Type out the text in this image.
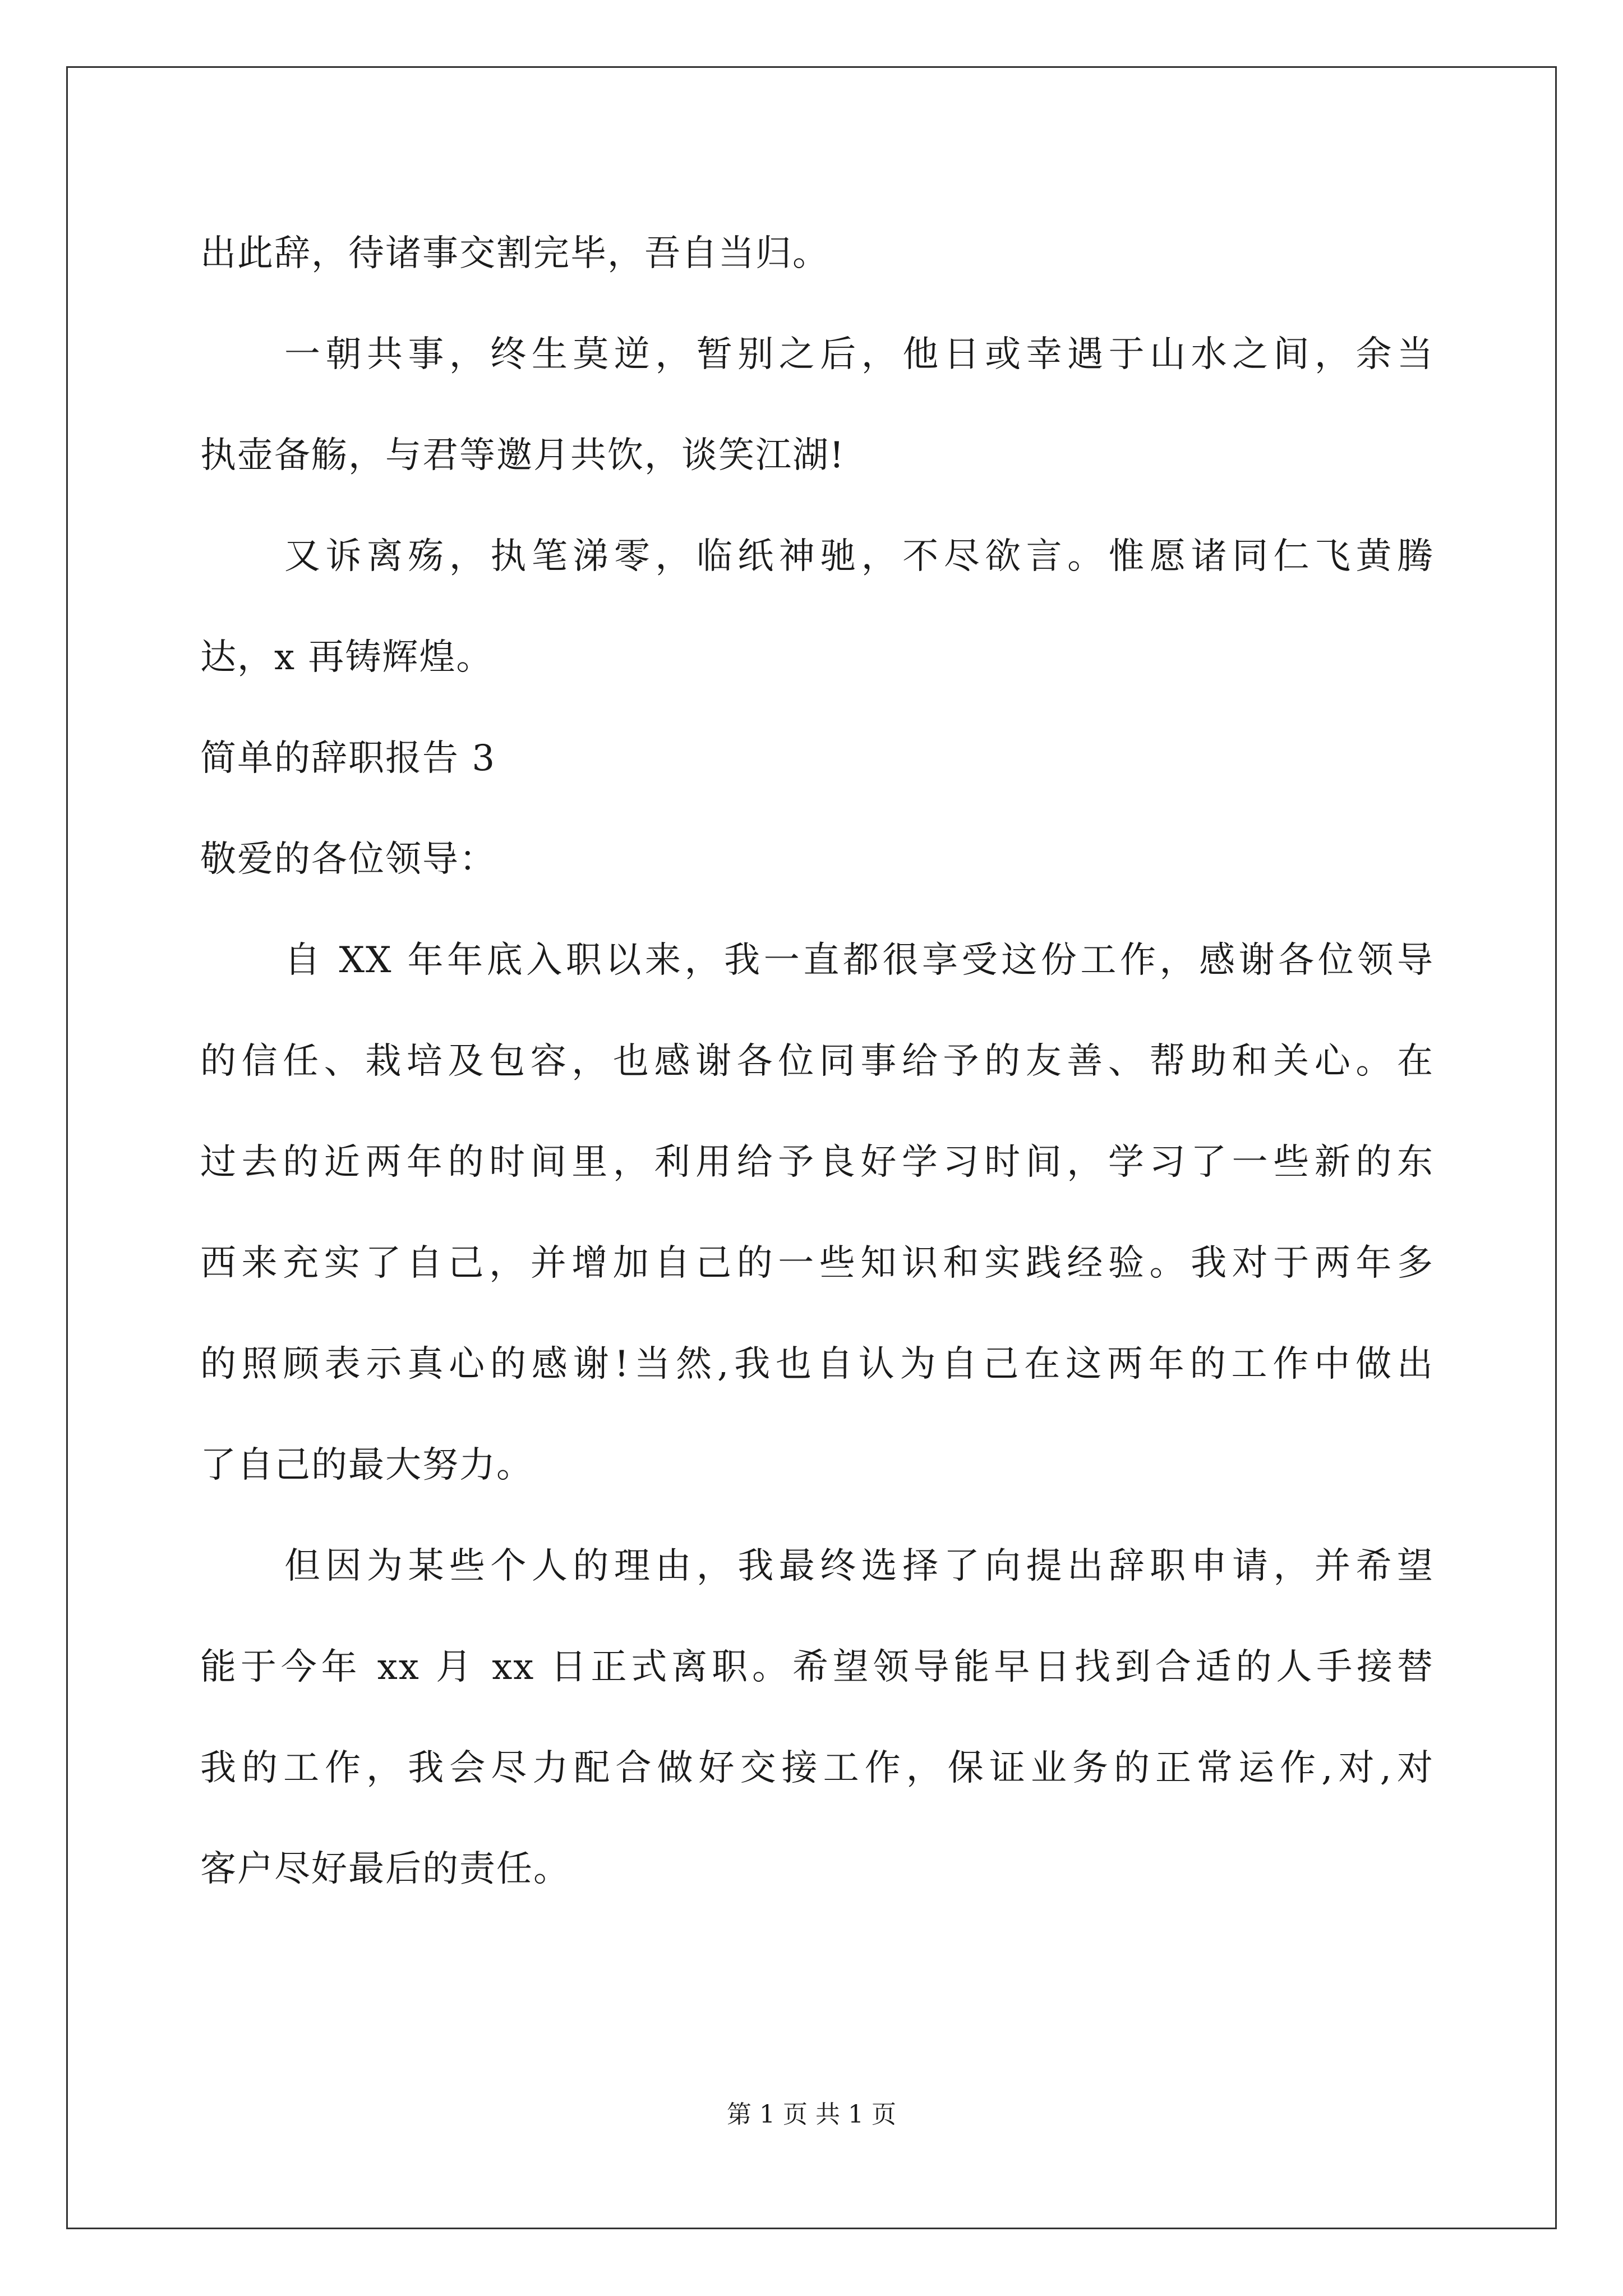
出此辞，待诸事交割完毕，吾自当归。
一朝共事，终生莫逆，暂别之后，他日或幸遇于山水之间，余当
执壶备觞，与君等邀月共饮，谈笑江湖!
又诉离殇，执笔涕零，临纸神驰，不尽欲言。惟愿诸同仁飞黄腾
达，x 再铸辉煌。
简单的辞职报告 3
敬爱的各位领导：
自 XX 年年底入职以来，我一直都很享受这份工作，感谢各位领导
的信任、栽培及包容，也感谢各位同事给予的友善、帮助和关心。在
过去的近两年的时间里，利用给予良好学习时间，学习了一些新的东
西来充实了自己，并增加自己的一些知识和实践经验。我对于两年多
的照顾表示真心的感谢!当然,我也自认为自己在这两年的工作中做出
了自己的最大努力。
但因为某些个人的理由，我最终选择了向提出辞职申请，并希望
能于今年 xx 月 xx 日正式离职。希望领导能早日找到合适的人手接替
我的工作，我会尽力配合做好交接工作，保证业务的正常运作,对,对
客户尽好最后的责任。
第 1 页 共 1 页
